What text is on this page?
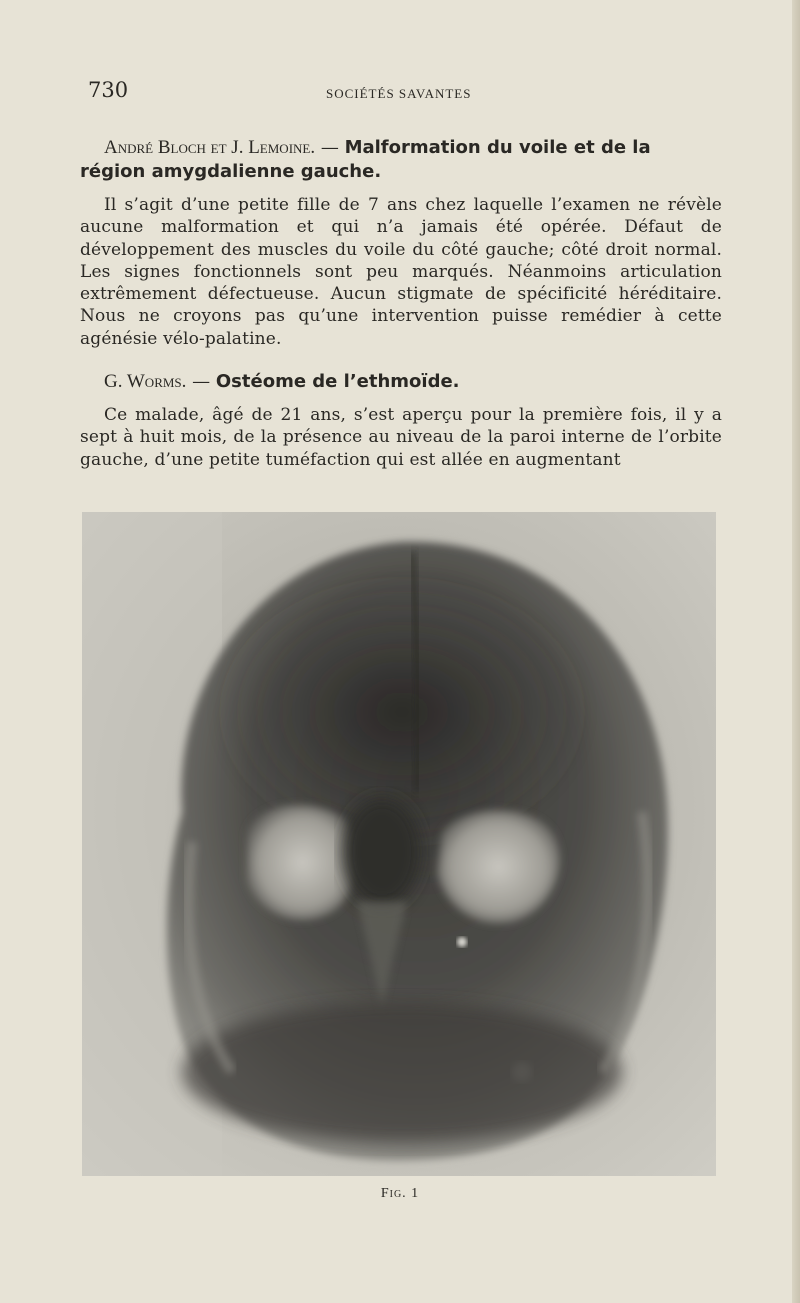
730	SOCIÉTÉS SAVANTES

André Bloch et J. Lemoine. — Malformation du voile et de la région amygdalienne gauche.

Il s’agit d’une petite fille de 7 ans chez laquelle l’examen ne révèle aucune malformation et qui n’a jamais été opérée. Défaut de développement des muscles du voile du côté gauche; côté droit normal. Les signes fonctionnels sont peu marqués. Néanmoins articulation extrêmement défectueuse. Aucun stigmate de spécificité héréditaire. Nous ne croyons pas qu’une intervention puisse remédier à cette agénésie vélo-palatine.

G. Worms. — Ostéome de l’ethmoïde.

Ce malade, âgé de 21 ans, s’est aperçu pour la première fois, il y a sept à huit mois, de la présence au niveau de la paroi interne de l’orbite gauche, d’une petite tuméfaction qui est allée en augmentant

Fig. 1
